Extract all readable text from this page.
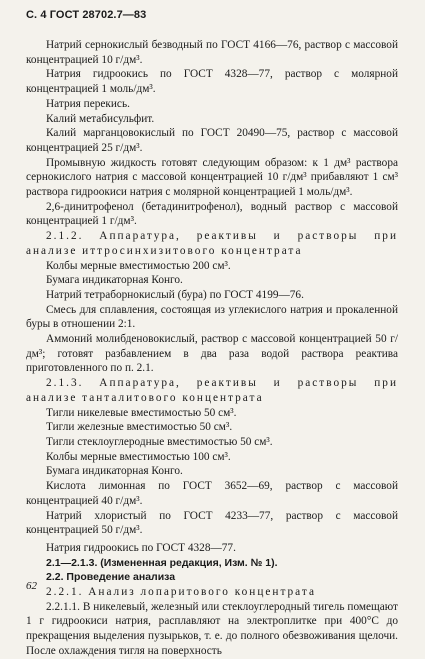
С. 4 ГОСТ 28702.7—83

Натрий сернокислый безводный по ГОСТ 4166—76, раствор с массовой концентрацией 10 г/дм³.

Натрия гидроокись по ГОСТ 4328—77, раствор с молярной концентрацией 1 моль/дм³.

Натрия перекись.

Калий метабисульфит.

Калий марганцовокислый по ГОСТ 20490—75, раствор с массовой концентрацией 25 г/дм³.

Промывную жидкость готовят следующим образом: к 1 дм³ раствора сернокислого натрия с массовой концентрацией 10 г/дм³ прибавляют 1 см³ раствора гидроокиси натрия с молярной концентрацией 1 моль/дм³.

2,6-динитрофенол (бетадинитрофенол), водный раствор с массовой концентрацией 1 г/дм³.

2.1.2. Аппаратура, реактивы и растворы при анализе иттросинхизитового концентрата

Колбы мерные вместимостью 200 см³.

Бумага индикаторная Конго.

Натрий тетраборнокислый (бура) по ГОСТ 4199—76.

Смесь для сплавления, состоящая из углекислого натрия и прокаленной буры в отношении 2:1.

Аммоний молибденовокислый, раствор с массовой концентрацией 50 г/дм³; готовят разбавлением в два раза водой раствора реактива приготовленного по п. 2.1.

2.1.3. Аппаратура, реактивы и растворы при анализе танталитового концентрата

Тигли никелевые вместимостью 50 см³.

Тигли железные вместимостью 50 см³.

Тигли стеклоуглеродные вместимостью 50 см³.

Колбы мерные вместимостью 100 см³.

Бумага индикаторная Конго.

Кислота лимонная по ГОСТ 3652—69, раствор с массовой концентрацией 40 г/дм³.

Натрий хлористый по ГОСТ 4233—77, раствор с массовой концентрацией 50 г/дм³.

Натрия гидроокись по ГОСТ 4328—77.

2.1—2.1.3. (Измененная редакция, Изм. № 1).

2.2. Проведение анализа

2.2.1. Анализ лопаритового концентрата

2.2.1.1. В никелевый, железный или стеклоуглеродный тигель помещают 1 г гидроокиси натрия, расплавляют на электроплитке при 400°С до прекращения выделения пузырьков, т. е. до полного обезвоживания щелочи. После охлаждения тигля на поверхность

62
